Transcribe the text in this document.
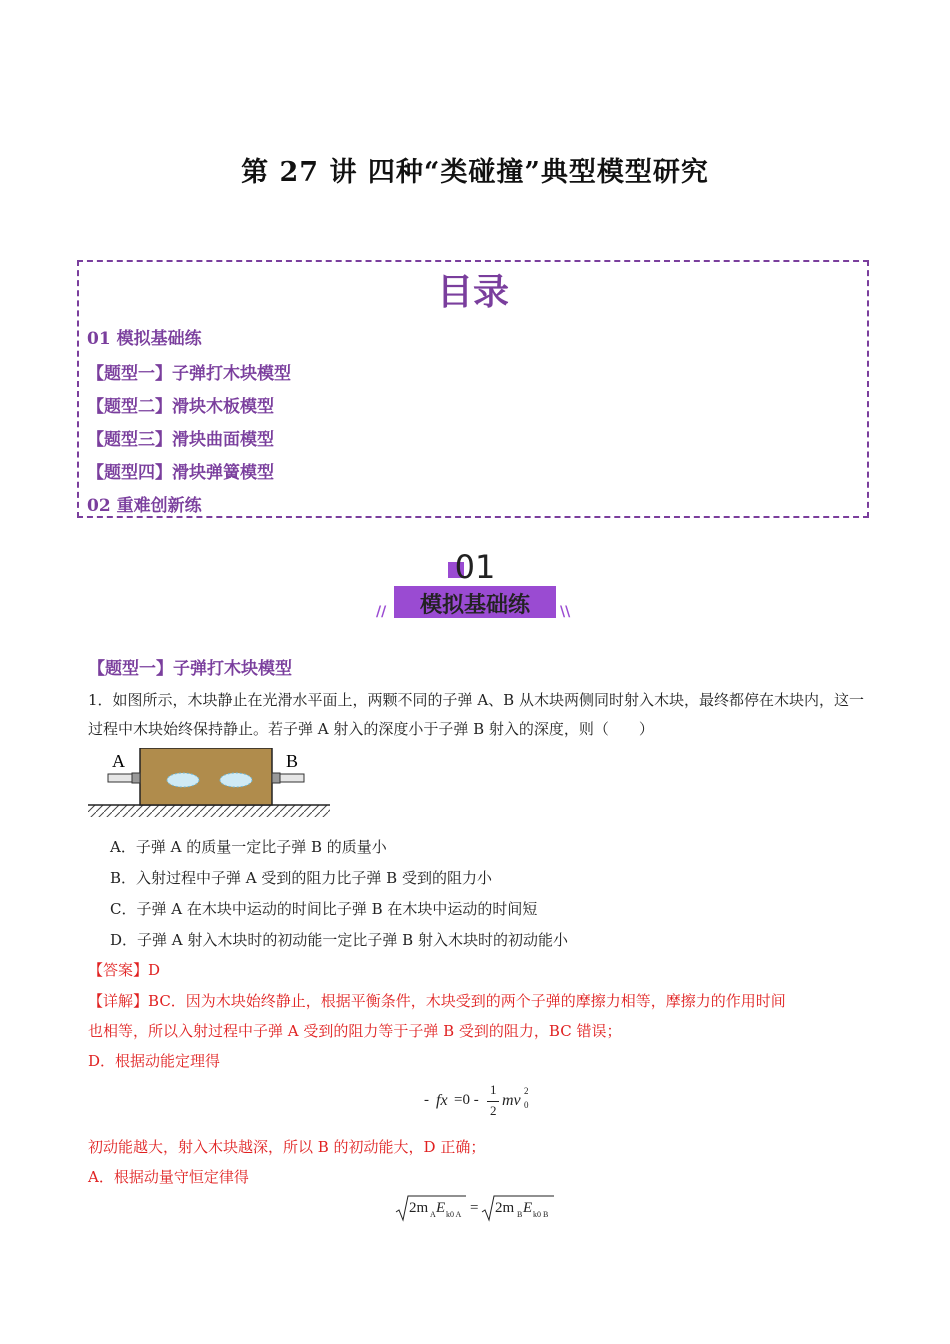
第 27 讲 四种“类碰撞”典型模型研究
目录
01 模拟基础练
【题型一】子弹打木块模型
【题型二】滑块木板模型
【题型三】滑块曲面模型
【题型四】滑块弹簧模型
02 重难创新练
01
模拟基础练
//	\\
【题型一】子弹打木块模型
1．如图所示，木块静止在光滑水平面上，两颗不同的子弹 A、B 从木块两侧同时射入木块，最终都停在木块内，这一过程中木块始终保持静止。若子弹 A 射入的深度小于子弹 B 射入的深度，则（　　）
A	B
A．子弹 A 的质量一定比子弹 B 的质量小
B．入射过程中子弹 A 受到的阻力比子弹 B 受到的阻力小
C．子弹 A 在木块中运动的时间比子弹 B 在木块中运动的时间短
D．子弹 A 射入木块时的初动能一定比子弹 B 射入木块时的初动能小
【答案】D
【详解】BC．因为木块始终静止，根据平衡条件，木块受到的两个子弹的摩擦力相等，摩擦力的作用时间
也相等，所以入射过程中子弹 A 受到的阻力等于子弹 B 受到的阻力，BC 错误；
D．根据动能定理得
- fx =0 -
1
2
mv
2
0
初动能越大，射入木块越深，所以 B 的初动能大，D 正确；
A．根据动量守恒定律得
2m A E k0 A = 2m B E k0 B
